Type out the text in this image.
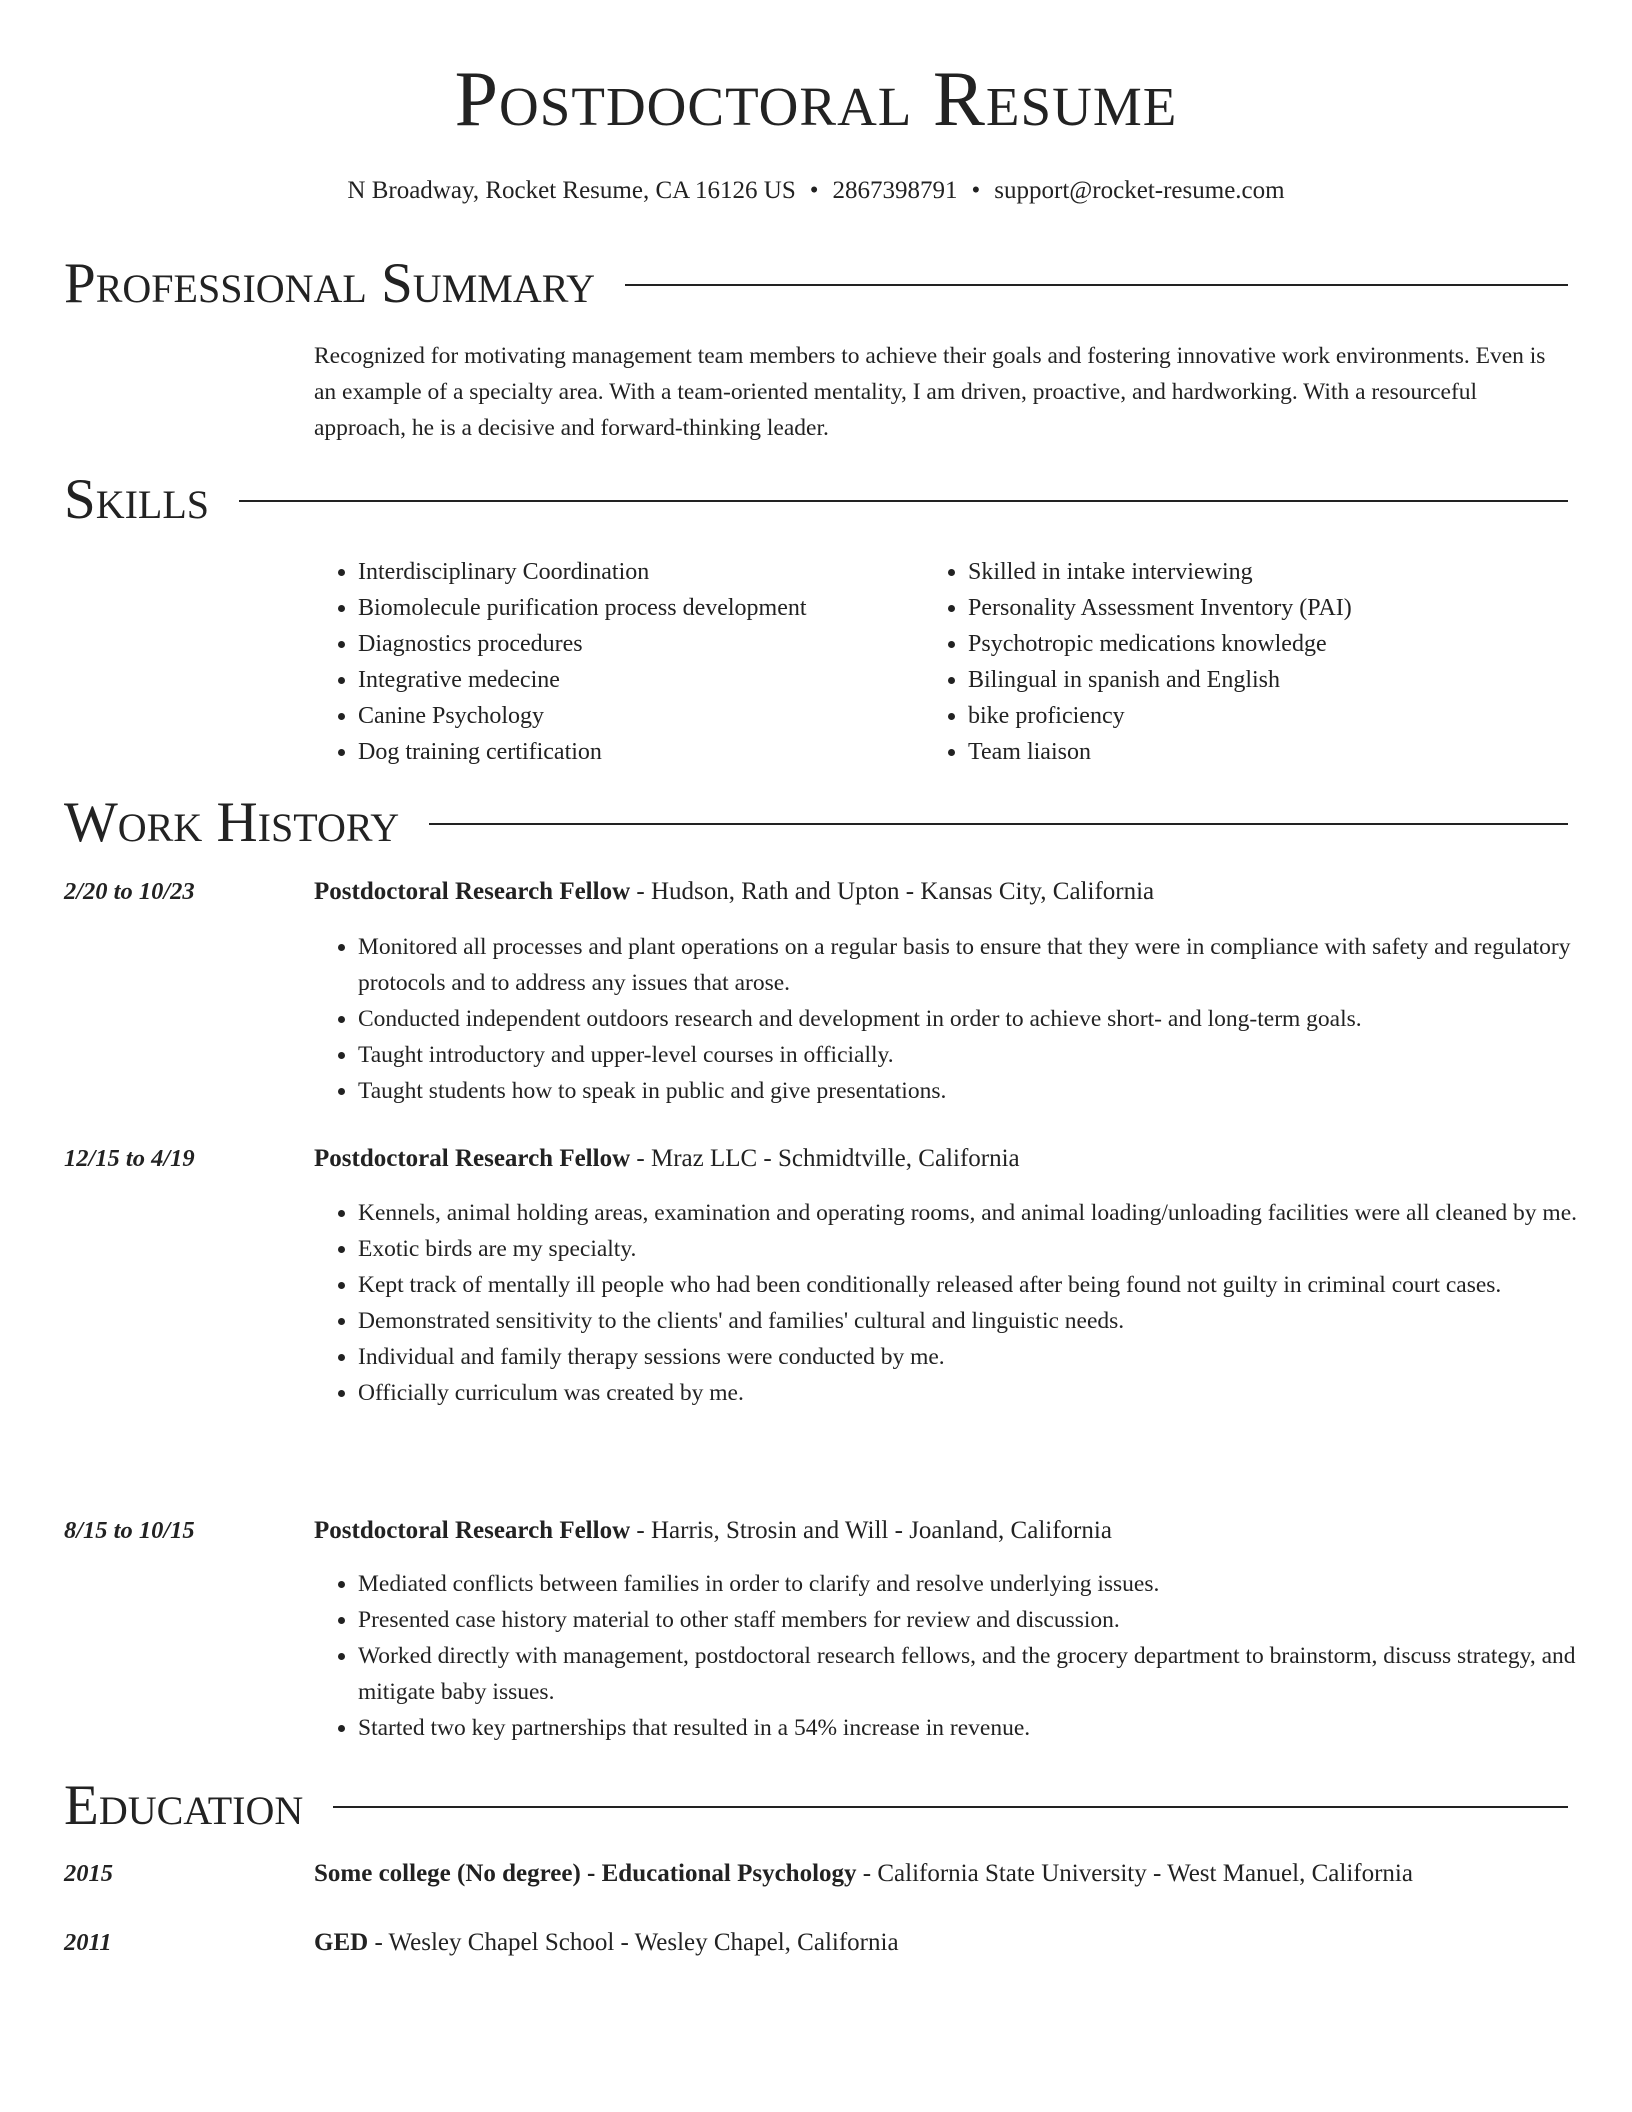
Postdoctoral Resume
N Broadway, Rocket Resume, CA 16126 US • 2867398791 • support@rocket-resume.com
Professional Summary

Recognized for motivating management team members to achieve their goals and fostering innovative work environments. Even is an example of a specialty area. With a team-oriented mentality, I am driven, proactive, and hardworking. With a resourceful approach, he is a decisive and forward-thinking leader.

Skills
• Interdisciplinary Coordination
• Biomolecule purification process development
• Diagnostics procedures
• Integrative medecine
• Canine Psychology
• Dog training certification
• Skilled in intake interviewing
• Personality Assessment Inventory (PAI)
• Psychotropic medications knowledge
• Bilingual in spanish and English
• bike proficiency
• Team liaison
Work History
2/20 to 10/23	Postdoctoral Research Fellow - Hudson, Rath and Upton - Kansas City, California
• Monitored all processes and plant operations on a regular basis to ensure that they were in compliance with safety and regulatory protocols and to address any issues that arose.
• Conducted independent outdoors research and development in order to achieve short- and long-term goals.
• Taught introductory and upper-level courses in officially.
• Taught students how to speak in public and give presentations.
12/15 to 4/19	Postdoctoral Research Fellow - Mraz LLC - Schmidtville, California
• Kennels, animal holding areas, examination and operating rooms, and animal loading/unloading facilities were all cleaned by me.
• Exotic birds are my specialty.
• Kept track of mentally ill people who had been conditionally released after being found not guilty in criminal court cases.
• Demonstrated sensitivity to the clients' and families' cultural and linguistic needs.
• Individual and family therapy sessions were conducted by me.
• Officially curriculum was created by me.
8/15 to 10/15	Postdoctoral Research Fellow - Harris, Strosin and Will - Joanland, California
• Mediated conflicts between families in order to clarify and resolve underlying issues.
• Presented case history material to other staff members for review and discussion.
• Worked directly with management, postdoctoral research fellows, and the grocery department to brainstorm, discuss strategy, and mitigate baby issues.
• Started two key partnerships that resulted in a 54% increase in revenue.
Education
2015	Some college (No degree) - Educational Psychology - California State University - West Manuel, California
2011	GED - Wesley Chapel School - Wesley Chapel, California
